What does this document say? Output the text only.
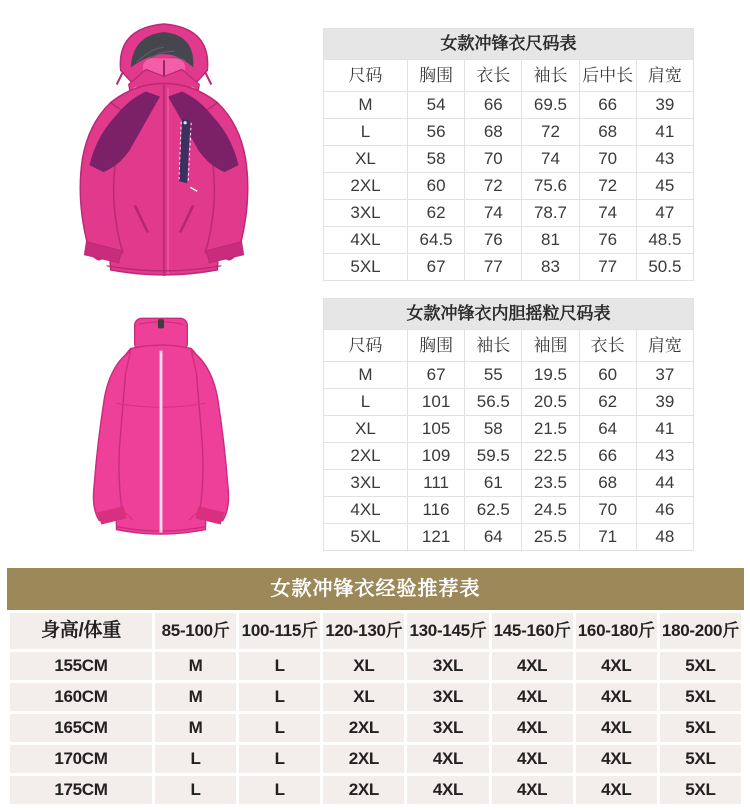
女款冲锋衣尺码表					
尺码	胸围	衣长	袖长	后中长	肩宽
M	54	66	69.5	66	39
L	56	68	72	68	41
XL	58	70	74	70	43
2XL	60	72	75.6	72	45
3XL	62	74	78.7	74	47
4XL	64.5	76	81	76	48.5
5XL	67	77	83	77	50.5
女款冲锋衣内胆摇粒尺码表					
尺码	胸围	袖长	袖围	衣长	肩宽
M	67	55	19.5	60	37
L	101	56.5	20.5	62	39
XL	105	58	21.5	64	41
2XL	109	59.5	22.5	66	43
3XL	111	61	23.5	68	44
4XL	116	62.5	24.5	70	46
5XL	121	64	25.5	71	48
女款冲锋衣经验推荐表
身高/体重	85-100斤	100-115斤	120-130斤	130-145斤	145-160斤	160-180斤	180-200斤
155CM	M	L	XL	3XL	4XL	4XL	5XL
160CM	M	L	XL	3XL	4XL	4XL	5XL
165CM	M	L	2XL	3XL	4XL	4XL	5XL
170CM	L	L	2XL	4XL	4XL	4XL	5XL
175CM	L	L	2XL	4XL	4XL	4XL	5XL
